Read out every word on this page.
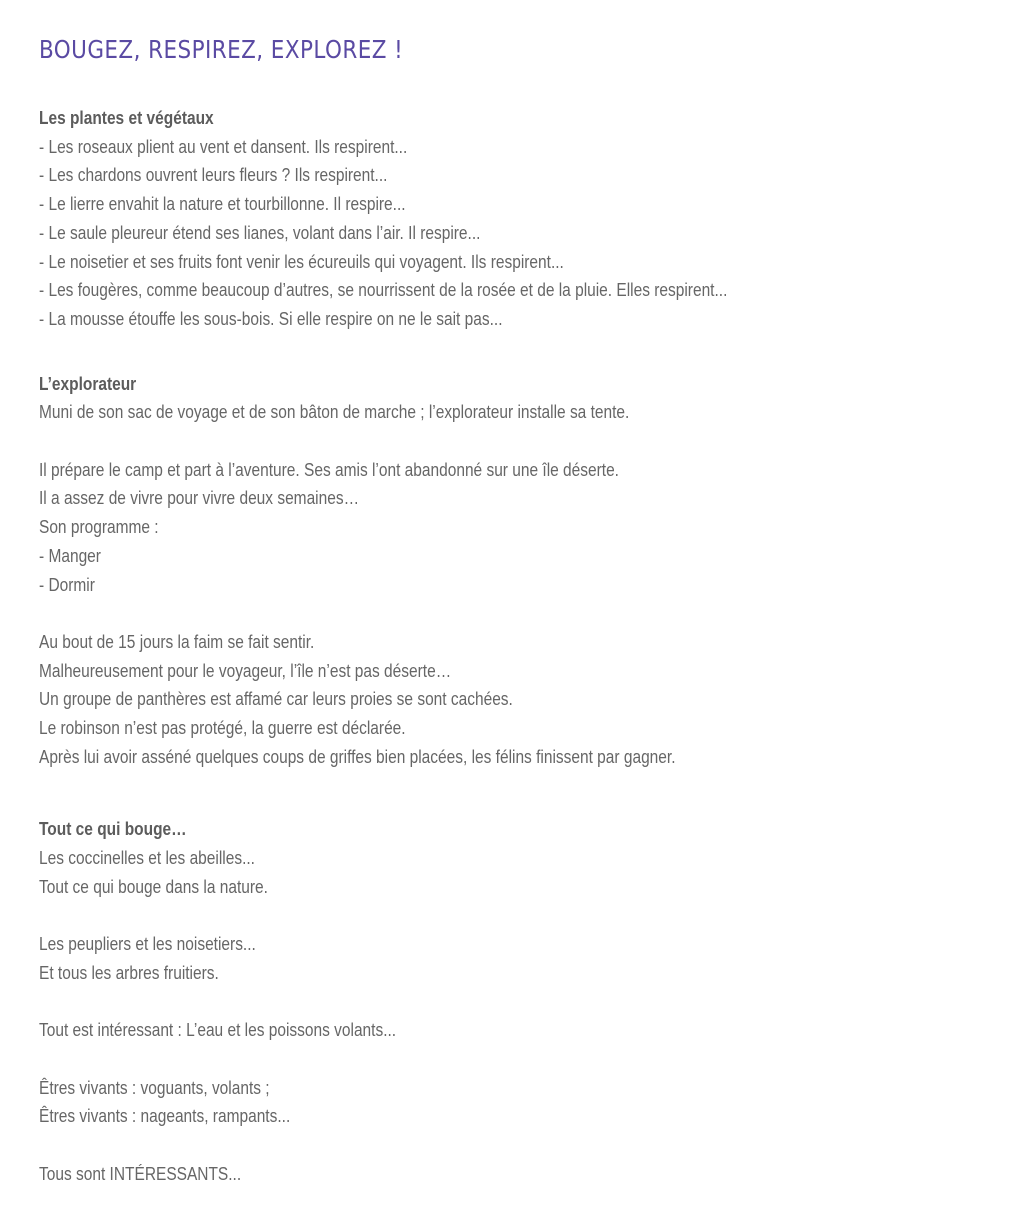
BOUGEZ, RESPIREZ, EXPLOREZ !

Les plantes et végétaux

- Les roseaux plient au vent et dansent. Ils respirent...

- Les chardons ouvrent leurs fleurs ? Ils respirent...

- Le lierre envahit la nature et tourbillonne. Il respire...

- Le saule pleureur étend ses lianes, volant dans l’air. Il respire...

- Le noisetier et ses fruits font venir les écureuils qui voyagent. Ils respirent...

- Les fougères, comme beaucoup d’autres, se nourrissent de la rosée et de la pluie. Elles respirent...

- La mousse étouffe les sous-bois. Si elle respire on ne le sait pas...

L’explorateur

Muni de son sac de voyage et de son bâton de marche ; l’explorateur installe sa tente.

Il prépare le camp et part à l’aventure. Ses amis l’ont abandonné sur une île déserte.

Il a assez de vivre pour vivre deux semaines…

Son programme :

- Manger

- Dormir

Au bout de 15 jours la faim se fait sentir.

Malheureusement pour le voyageur, l’île n’est pas déserte…

Un groupe de panthères est affamé car leurs proies se sont cachées.

Le robinson n’est pas protégé, la guerre est déclarée.

Après lui avoir asséné quelques coups de griffes bien placées, les félins finissent par gagner.

Tout ce qui bouge…

Les coccinelles et les abeilles...

Tout ce qui bouge dans la nature.

Les peupliers et les noisetiers...

Et tous les arbres fruitiers.

Tout est intéressant : L’eau et les poissons volants...

Êtres vivants : voguants, volants ;

Êtres vivants : nageants, rampants...

Tous sont INTÉRESSANTS...
